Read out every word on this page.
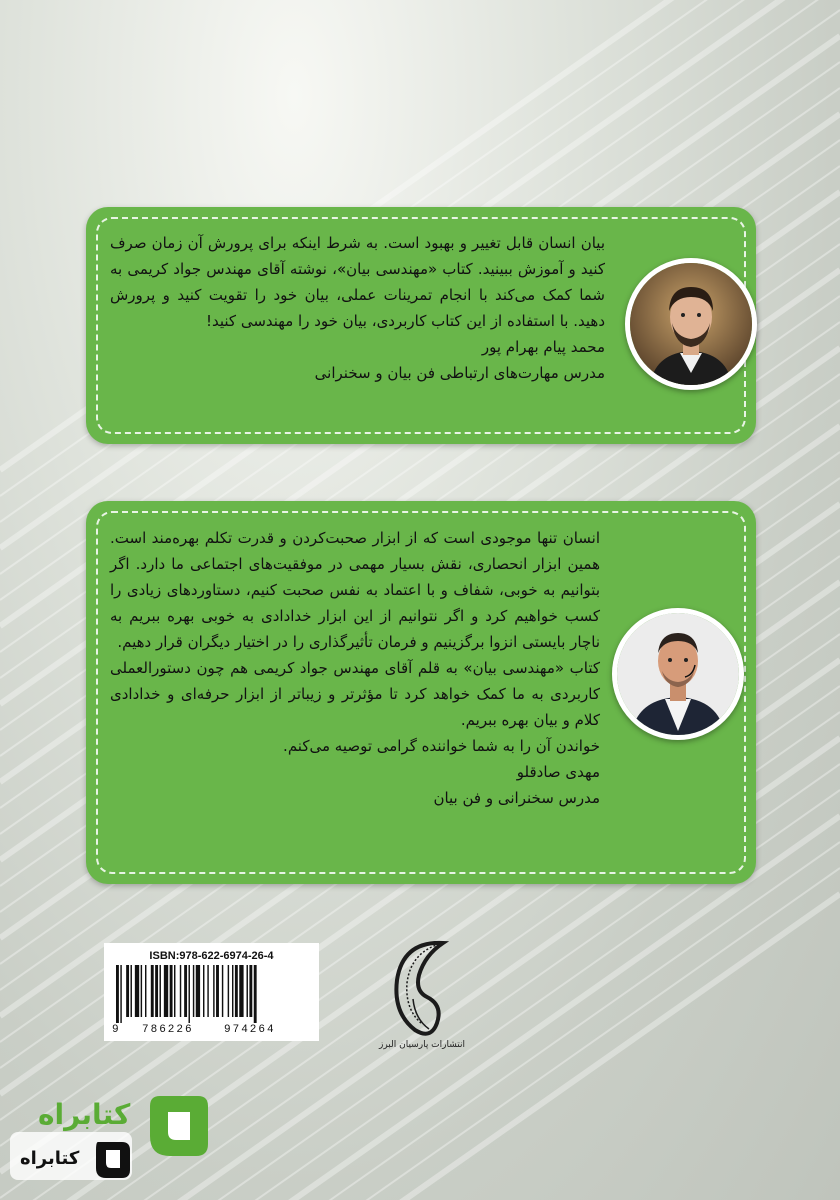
بیان انسان قابل تغییر و بهبود است. به شرط اینکه برای پرورش آن زمان صرف کنید و آموزش ببینید. کتاب «مهندسی بیان»، نوشته آقای مهندس جواد کریمی به شما کمک می‌کند با انجام تمرینات عملی، بیان خود را تقویت کنید و پرورش دهید. با استفاده از این کتاب کاربردی، بیان خود را مهندسی کنید!

محمد پیام بهرام پور

مدرس مهارت‌های ارتباطی فن بیان و سخنرانی

انسان تنها موجودی است که از ابزار صحبت‌کردن و قدرت تکلم بهره‌مند است. همین ابزار انحصاری، نقش بسیار مهمی در موفقیت‌های اجتماعی ما دارد. اگر بتوانیم به خوبی، شفاف و با اعتماد به نفس صحبت کنیم، دستاوردهای زیادی را کسب خواهیم کرد و اگر نتوانیم از این ابزار خدادادی به خوبی بهره ببریم به ناچار بایستی انزوا برگزینیم و فرمان تأثیرگذاری را در اختیار دیگران قرار دهیم.

کتاب «مهندسی بیان» به قلم آقای مهندس جواد کریمی هم چون دستورالعملی کاربردی به ما کمک خواهد کرد تا مؤثرتر و زیباتر از ابزار حرفه‌ای و خدادادی کلام و بیان بهره ببریم.

خواندن آن را به شما خواننده گرامی توصیه می‌کنم.

مهدی صادقلو

مدرس سخنرانی و فن بیان

ISBN:978-622-6974-26-4
9 786226	974264
انتشارات پارسیان البرز
کتابراه
کتابراه
